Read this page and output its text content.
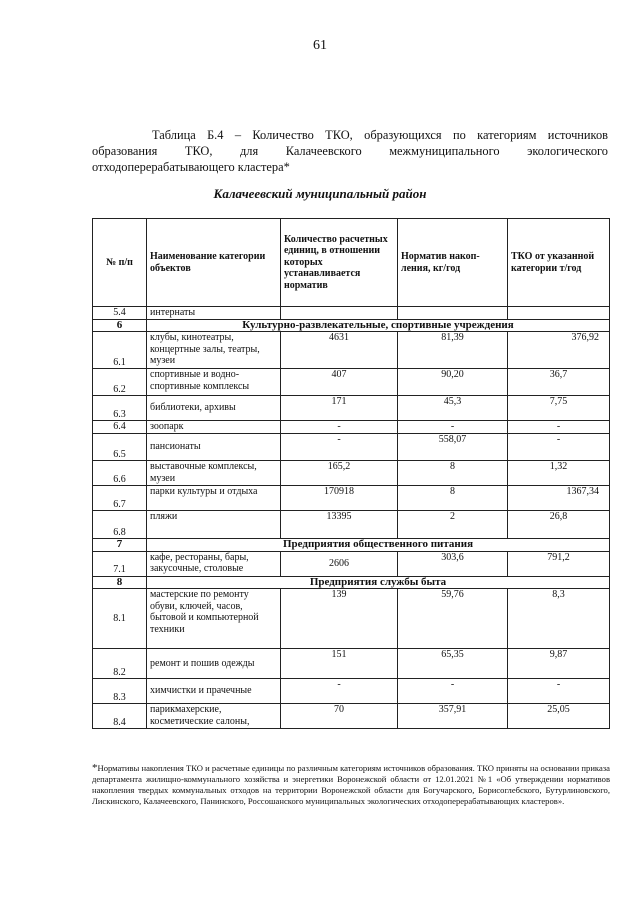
61
Таблица Б.4 – Количество ТКО, образующихся по категориям источников образования ТКО, для Калачеевского межмуниципального экологического отходоперерабатывающего кластера*
Калачеевский муниципальный район
№ п/п	Наименование категории объектов	Количество расчетных единиц, в отношении которых устанавливается норматив	Норматив накоп-ления, кг/год	ТКО от указанной категории т/год
5.4	интернаты			
6	Культурно-развлекательные, спортивные учреждения			
6.1	клубы, кинотеатры, концертные залы, театры, музеи	4631	81,39	376,92
6.2	спортивные и водно-спортивные комплексы	407	90,20	36,7
6.3	библиотеки, архивы	171	45,3	7,75
6.4	зоопарк	-	-	-
6.5	пансионаты	-	558,07	-
6.6	выставочные комплексы, музеи	165,2	8	1,32
6.7	парки культуры и отдыха	170918	8	1367,34
6.8	пляжи	13395	2	26,8
7	Предприятия общественного питания			
7.1	кафе, рестораны, бары, закусочные, столовые	2606	303,6	791,2
8	Предприятия службы быта			
8.1	мастерские по ремонту обуви, ключей, часов, бытовой и компьютерной техники	139	59,76	8,3
8.2	ремонт и пошив одежды	151	65,35	9,87
8.3	химчистки и прачечные	-	-	-
8.4	парикмахерские, косметические салоны,	70	357,91	25,05
*Нормативы накопления ТКО и расчетные единицы по различным категориям источников образования. ТКО приняты на основании приказа департамента жилищно-коммунального хозяйства и энергетики Воронежской области от 12.01.2021 №1 «Об утверждении нормативов накопления твердых коммунальных отходов на территории Воронежской области для Богучарского, Борисоглебского, Бутурлиновского, Лискинского, Калачеевского, Панинского, Россошанского муниципальных экологических отходоперерабатывающих кластеров».
